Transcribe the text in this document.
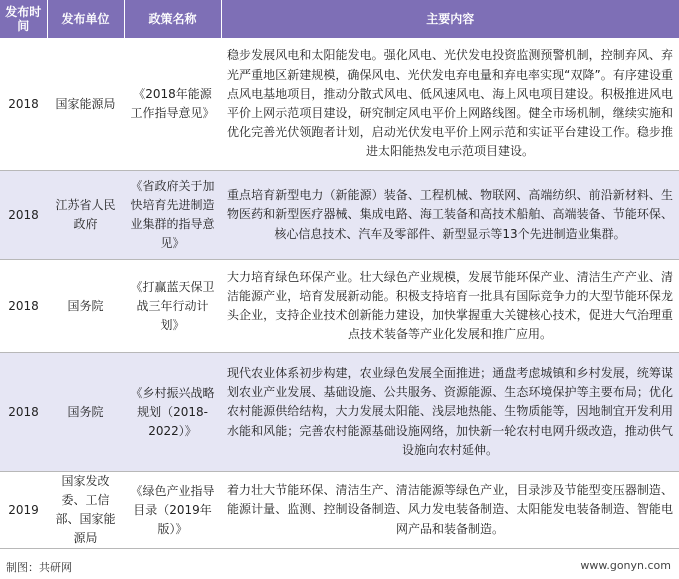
发布时间	发布单位	政策名称	主要内容
2018	国家能源局	《2018年能源工作指导意见》	稳步发展风电和太阳能发电。强化风电、光伏发电投资监测预警机制，控制弃风、弃光严重地区新建规模，确保风电、光伏发电弃电量和弃电率实现“双降”。有序建设重点风电基地项目，推动分散式风电、低风速风电、海上风电项目建设。积极推进风电平价上网示范项目建设，研究制定风电平价上网路线图。健全市场机制，继续实施和优化完善光伏领跑者计划，启动光伏发电平价上网示范和实证平台建设工作。稳步推进太阳能热发电示范项目建设。
2018	江苏省人民政府	《省政府关于加快培育先进制造业集群的指导意见》	重点培育新型电力（新能源）装备、工程机械、物联网、高端纺织、前沿新材料、生物医药和新型医疗器械、集成电路、海工装备和高技术船舶、高端装备、节能环保、核心信息技术、汽车及零部件、新型显示等13个先进制造业集群。
2018	国务院	《打赢蓝天保卫战三年行动计划》	大力培育绿色环保产业。壮大绿色产业规模，发展节能环保产业、清洁生产产业、清洁能源产业，培育发展新动能。积极支持培育一批具有国际竞争力的大型节能环保龙头企业，支持企业技术创新能力建设，加快掌握重大关键核心技术，促进大气治理重点技术装备等产业化发展和推广应用。
2018	国务院	《乡村振兴战略规划（2018-2022）》	现代农业体系初步构建，农业绿色发展全面推进；通盘考虑城镇和乡村发展，统筹谋划农业产业发展、基础设施、公共服务、资源能源、生态环境保护等主要布局；优化农村能源供给结构，大力发展太阳能、浅层地热能、生物质能等，因地制宜开发利用水能和风能；完善农村能源基础设施网络，加快新一轮农村电网升级改造，推动供气设施向农村延伸。
2019	国家发改委、工信部、国家能源局	《绿色产业指导目录（2019年版）》	着力壮大节能环保、清洁生产、清洁能源等绿色产业，目录涉及节能型变压器制造、能源计量、监测、控制设备制造、风力发电装备制造、太阳能发电装备制造、智能电网产品和装备制造。
制图：共研网	www.gonyn.com
